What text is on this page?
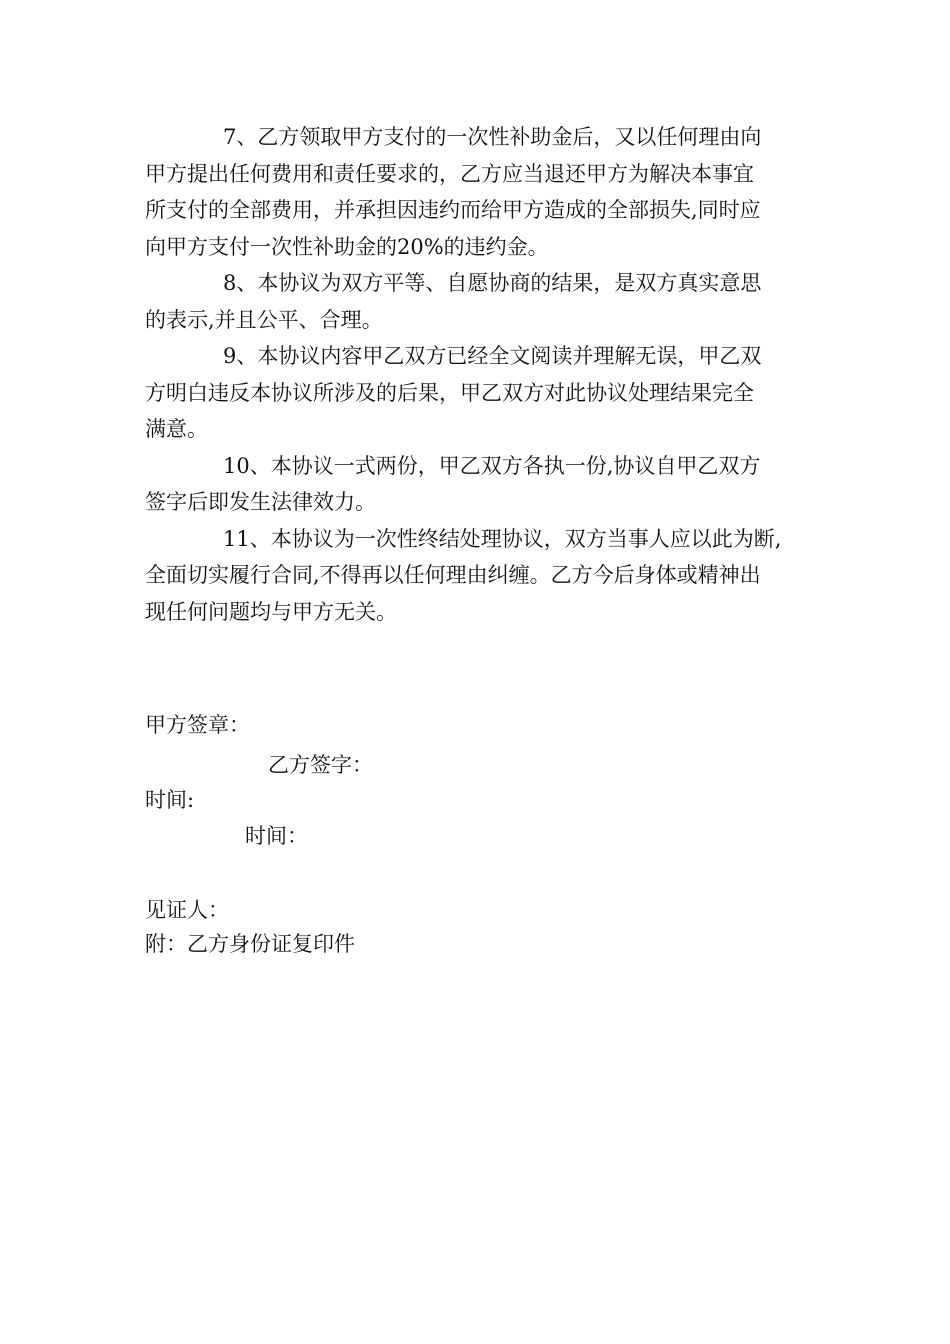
7、乙方领取甲方支付的一次性补助金后，又以任何理由向
甲方提出任何费用和责任要求的，乙方应当退还甲方为解决本事宜
所支付的全部费用，并承担因违约而给甲方造成的全部损失,同时应
向甲方支付一次性补助金的20%的违约金。
8、本协议为双方平等、自愿协商的结果，是双方真实意思
的表示,并且公平、合理。
9、本协议内容甲乙双方已经全文阅读并理解无误，甲乙双
方明白违反本协议所涉及的后果，甲乙双方对此协议处理结果完全
满意。
10、本协议一式两份，甲乙双方各执一份,协议自甲乙双方
签字后即发生法律效力。
11、本协议为一次性终结处理协议，双方当事人应以此为断,
全面切实履行合同,不得再以任何理由纠缠。乙方今后身体或精神出
现任何问题均与甲方无关。
甲方签章：
乙方签字：
时间:
时间：
见证人：
附：乙方身份证复印件
